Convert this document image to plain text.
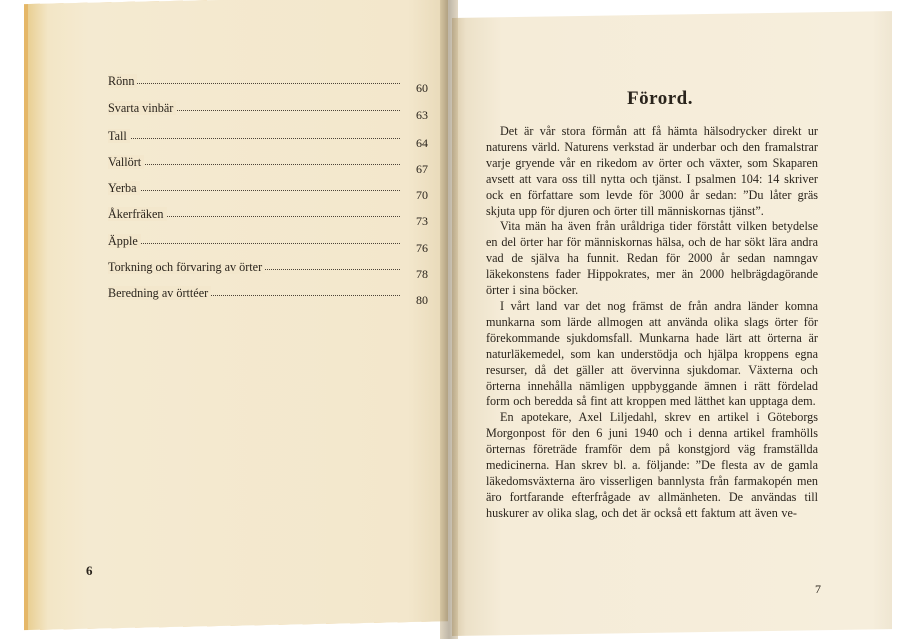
Rönn	60
Svarta vinbär	63
Tall	64
Vallört	67
Yerba	70
Åkerfräken	73
Äpple	76
Torkning och förvaring av örter	78
Beredning av örttéer	80
6
Förord.

Det är vår stora förmån att få hämta hälsodrycker direkt ur naturens värld. Naturens verkstad är underbar och den framalstrar varje gryende vår en rikedom av örter och växter, som Skaparen avsett att vara oss till nytta och tjänst. I psalmen 104: 14 skriver ock en författare som levde för 3000 år sedan: ”Du låter gräs skjuta upp för djuren och örter till människornas tjänst”.

Vita män ha även från uråldriga tider förstått vilken betydelse en del örter har för människornas hälsa, och de har sökt lära andra vad de själva ha funnit. Redan för 2000 år sedan namngav läkekonstens fader Hippokrates, mer än 2000 helbrägdagörande örter i sina böcker.

I vårt land var det nog främst de från andra länder komna munkarna som lärde allmogen att använda olika slags örter för förekommande sjukdomsfall. Munkarna hade lärt att örterna är naturläkemedel, som kan understödja och hjälpa kroppens egna resurser, då det gäller att övervinna sjukdomar. Växterna och örterna innehålla nämligen uppbyggande ämnen i rätt fördelad form och beredda så fint att kroppen med lätthet kan upptaga dem.

En apotekare, Axel Liljedahl, skrev en artikel i Göteborgs Morgonpost för den 6 juni 1940 och i denna artikel framhölls örternas företräde framför dem på konstgjord väg framställda medicinerna. Han skrev bl. a. följande: ”De flesta av de gamla läkedomsväxterna äro visserligen bannlysta från farmakopén men äro fortfarande efterfrågade av allmänheten. De användas till huskurer av olika slag, och det är också ett faktum att även ve-

7
